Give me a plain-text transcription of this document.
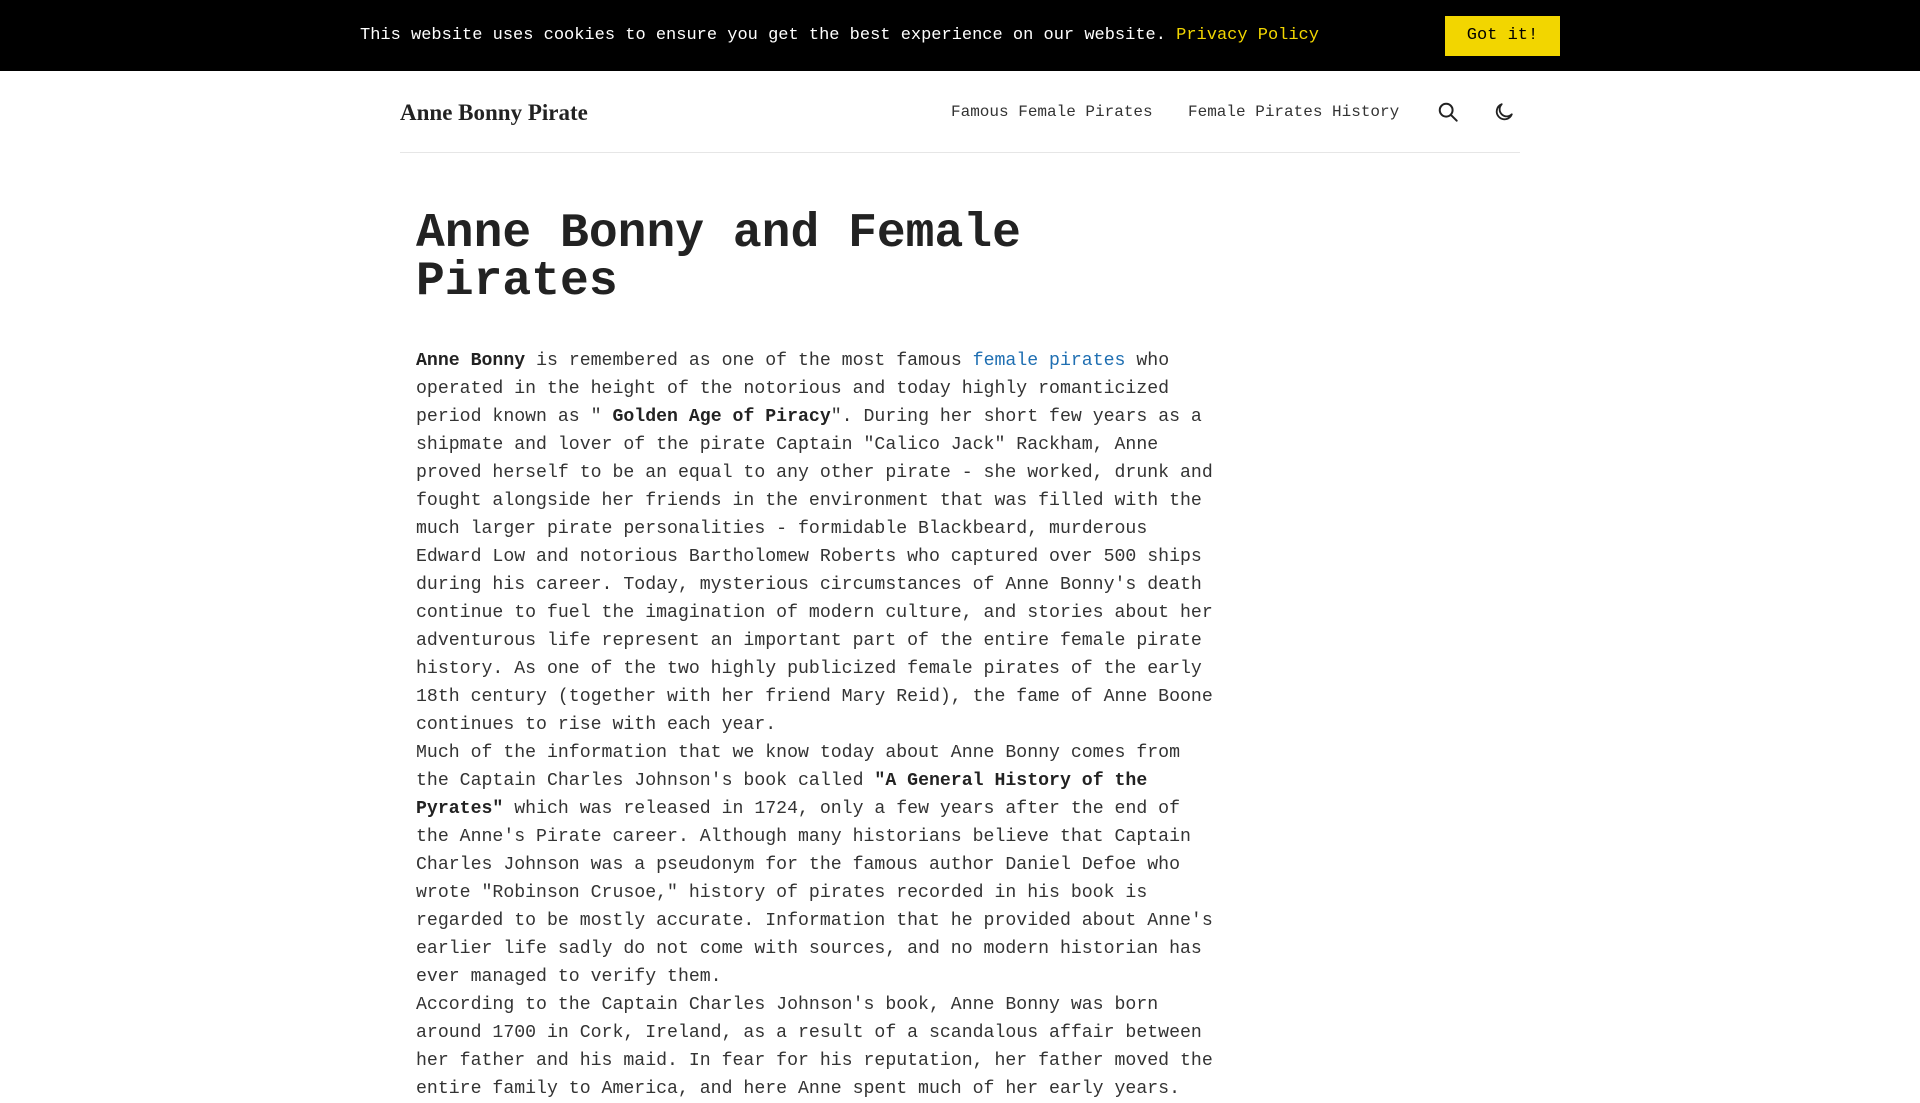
This website uses cookies to ensure you get the best experience on our website. Privacy Policy	Got it!
Anne Bonny Pirate	Famous Female Pirates Female Pirates History
Anne Bonny and Female Pirates

Anne Bonny is remembered as one of the most famous female pirates who operated in the height of the notorious and today highly romanticized period known as " Golden Age of Piracy". During her short few years as a shipmate and lover of the pirate Captain "Calico Jack" Rackham, Anne proved herself to be an equal to any other pirate - she worked, drunk and fought alongside her friends in the environment that was filled with the much larger pirate personalities - formidable Blackbeard, murderous Edward Low and notorious Bartholomew Roberts who captured over 500 ships during his career. Today, mysterious circumstances of Anne Bonny's death continue to fuel the imagination of modern culture, and stories about her adventurous life represent an important part of the entire female pirate history. As one of the two highly publicized female pirates of the early 18th century (together with her friend Mary Reid), the fame of Anne Boone continues to rise with each year.

Much of the information that we know today about Anne Bonny comes from the Captain Charles Johnson's book called "A General History of the Pyrates" which was released in 1724, only a few years after the end of the Anne's Pirate career. Although many historians believe that Captain Charles Johnson was a pseudonym for the famous author Daniel Defoe who wrote "Robinson Crusoe," history of pirates recorded in his book is regarded to be mostly accurate. Information that he provided about Anne's earlier life sadly do not come with sources, and no modern historian has ever managed to verify them.

According to the Captain Charles Johnson's book, Anne Bonny was born around 1700 in Cork, Ireland, as a result of a scandalous affair between her father and his maid. In fear for his reputation, her father moved the entire family to America, and here Anne spent much of her early years.
